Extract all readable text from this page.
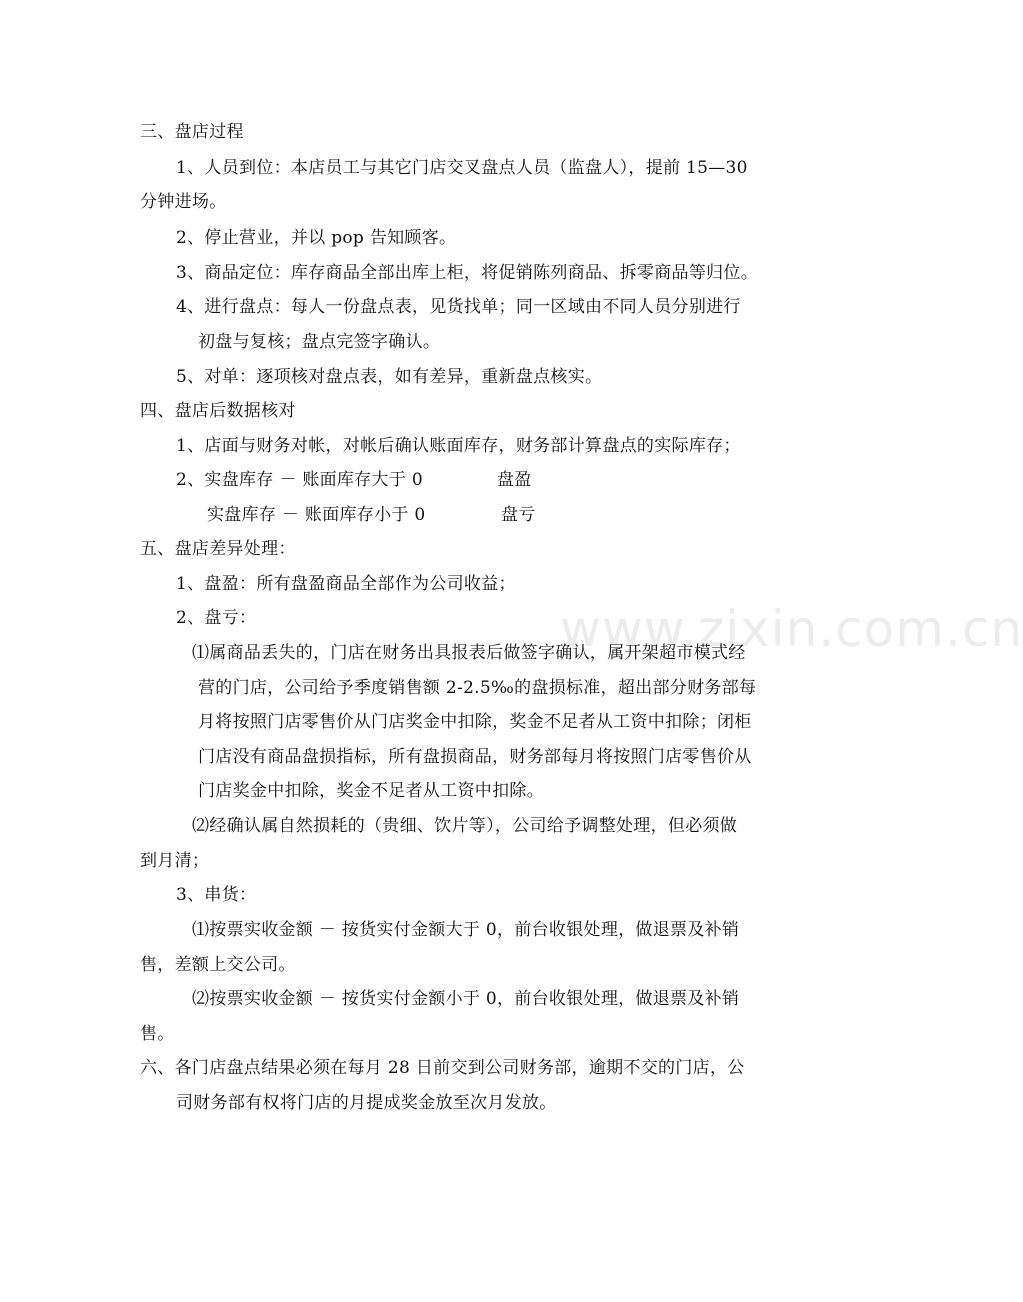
www.zixin.com.cn
三、盘店过程
1、人员到位：本店员工与其它门店交叉盘点人员（监盘人），提前 15—30
分钟进场。
2、停止营业，并以 pop 告知顾客。
3、商品定位：库存商品全部出库上柜，将促销陈列商品、拆零商品等归位。
4、进行盘点：每人一份盘点表，见货找单；同一区域由不同人员分别进行
初盘与复核；盘点完签字确认。
5、对单：逐项核对盘点表，如有差异，重新盘点核实。
四、盘店后数据核对
1、店面与财务对帐，对帐后确认账面库存，财务部计算盘点的实际库存；
2、实盘库存 － 账面库存大于 0	盘盈
实盘库存 － 账面库存小于 0	盘亏
五、盘店差异处理：
1、盘盈：所有盘盈商品全部作为公司收益；
2、盘亏：
⑴属商品丢失的，门店在财务出具报表后做签字确认，属开架超市模式经
营的门店，公司给予季度销售额 2-2.5‰的盘损标准，超出部分财务部每
月将按照门店零售价从门店奖金中扣除，奖金不足者从工资中扣除；闭柜
门店没有商品盘损指标，所有盘损商品，财务部每月将按照门店零售价从
门店奖金中扣除，奖金不足者从工资中扣除。
⑵经确认属自然损耗的（贵细、饮片等），公司给予调整处理，但必须做
到月清；
3、串货：
⑴按票实收金额 － 按货实付金额大于 0，前台收银处理，做退票及补销
售，差额上交公司。
⑵按票实收金额 － 按货实付金额小于 0，前台收银处理，做退票及补销
售。
六、各门店盘点结果必须在每月 28 日前交到公司财务部，逾期不交的门店，公
司财务部有权将门店的月提成奖金放至次月发放。
